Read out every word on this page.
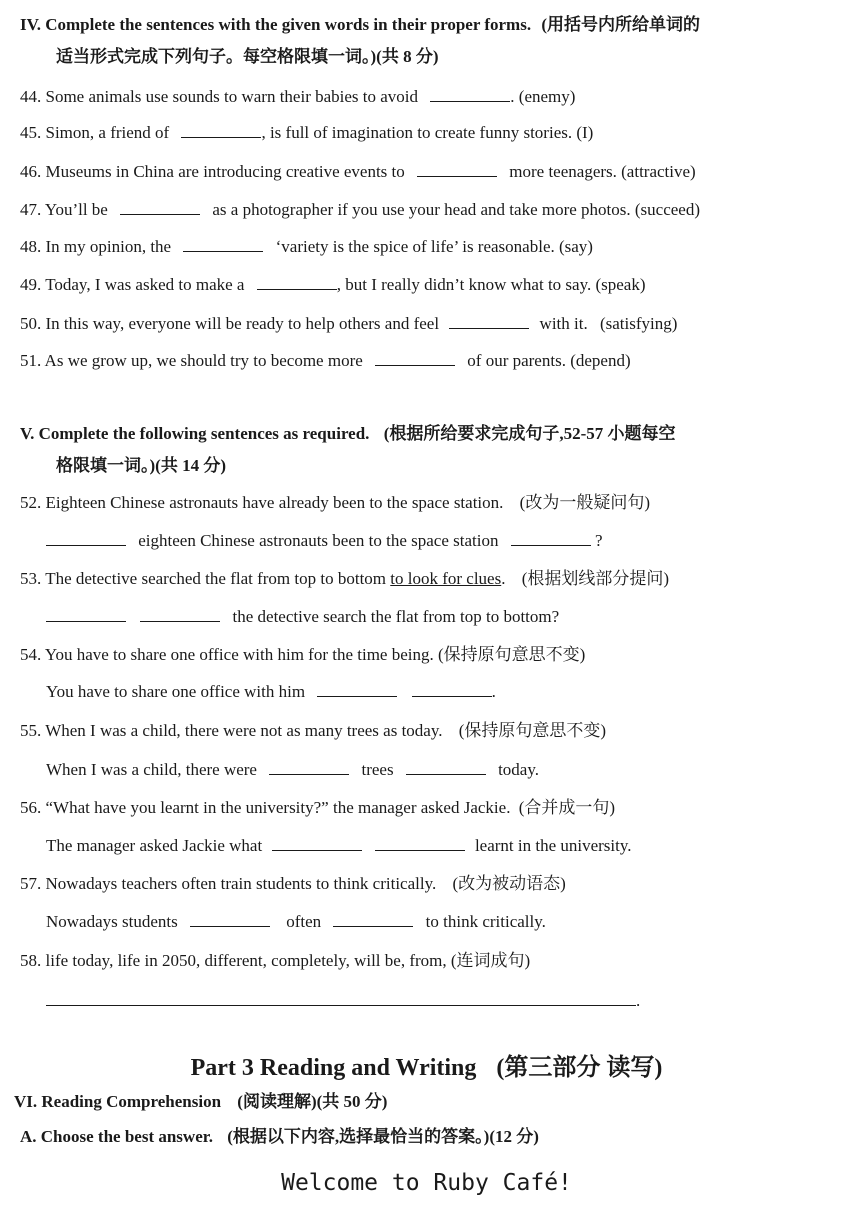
IV. Complete the sentences with the given words in their proper forms. (用括号内所给单词的
适当形式完成下列句子。每空格限填一词。)(共 8 分)
44. Some animals use sounds to warn their babies to avoid	. (enemy)
45. Simon, a friend of	, is full of imagination to create funny stories. (I)
46. Museums in China are introducing creative events to	more teenagers. (attractive)
47. You’ll be	as a photographer if you use your head and take more photos. (succeed)
48. In my opinion, the	‘variety is the spice of life’ is reasonable. (say)
49. Today, I was asked to make a	, but I really didn’t know what to say. (speak)
50. In this way, everyone will be ready to help others and feel	with it. (satisfying)
51. As we grow up, we should try to become more	of our parents. (depend)
V. Complete the following sentences as required. (根据所给要求完成句子,52-57 小题每空
格限填一词。)(共 14 分)
52. Eighteen Chinese astronauts have already been to the space station. (改为一般疑问句)
eighteen Chinese astronauts been to the space station	?
53. The detective searched the flat from top to bottom to look for clues. (根据划线部分提问)
the detective search the flat from top to bottom?
54. You have to share one office with him for the time being. (保持原句意思不变)
You have to share one office with him	.
55. When I was a child, there were not as many trees as today. (保持原句意思不变)
When I was a child, there were	trees	today.
56. “What have you learnt in the university?” the manager asked Jackie. (合并成一句)
The manager asked Jackie what	learnt in the university.
57. Nowadays teachers often train students to think critically. (改为被动语态)
Nowadays students	often	to think critically.
58. life today, life in 2050, different, completely, will be, from, (连词成句)
.
Part 3 Reading and Writing (第三部分 读写)
VI. Reading Comprehension (阅读理解)(共 50 分)
A. Choose the best answer. (根据以下内容,选择最恰当的答案。)(12 分)
Welcome to Ruby Café!
